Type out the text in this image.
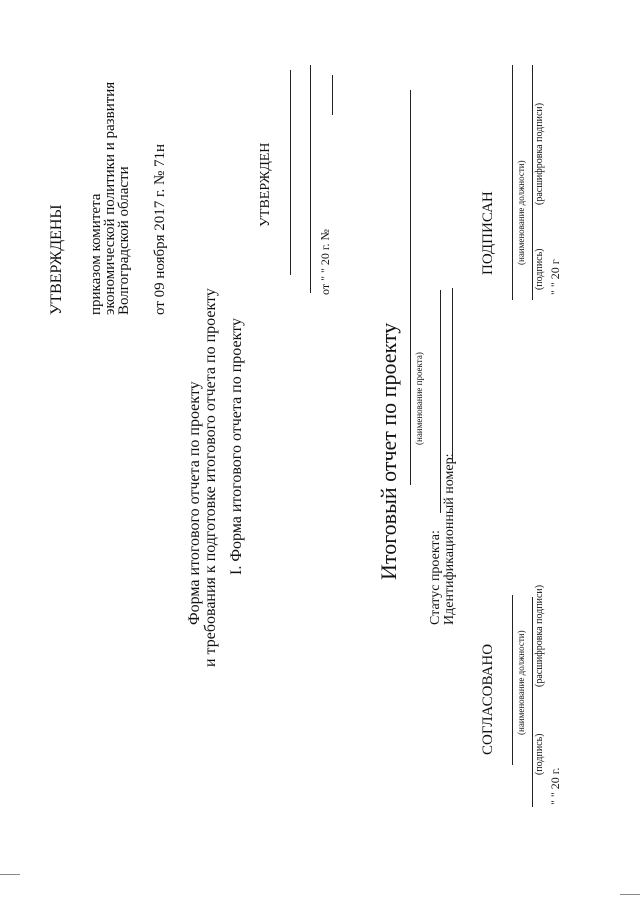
УТВЕРЖДЕНЫ приказом комитета
экономической политики и развития
Волгоградской области от 09 ноября 2017 г. № 71н
Форма итогового отчета по проекту и требования к подготовке итогового отчета по проекту I. Форма итогового отчета по проекту
УТВЕРЖДЕН
от " " 20 г. №
Итоговый отчет по проекту (наименование проекта)
Статус проекта: Идентификационный номер:
СОГЛАСОВАНО (наименование должности)
(подпись)
(расшифровка подписи)
" " 20 г.
ПОДПИСАН (наименование должности)
(подпись)
(расшифровка подписи)
" " 20 г
